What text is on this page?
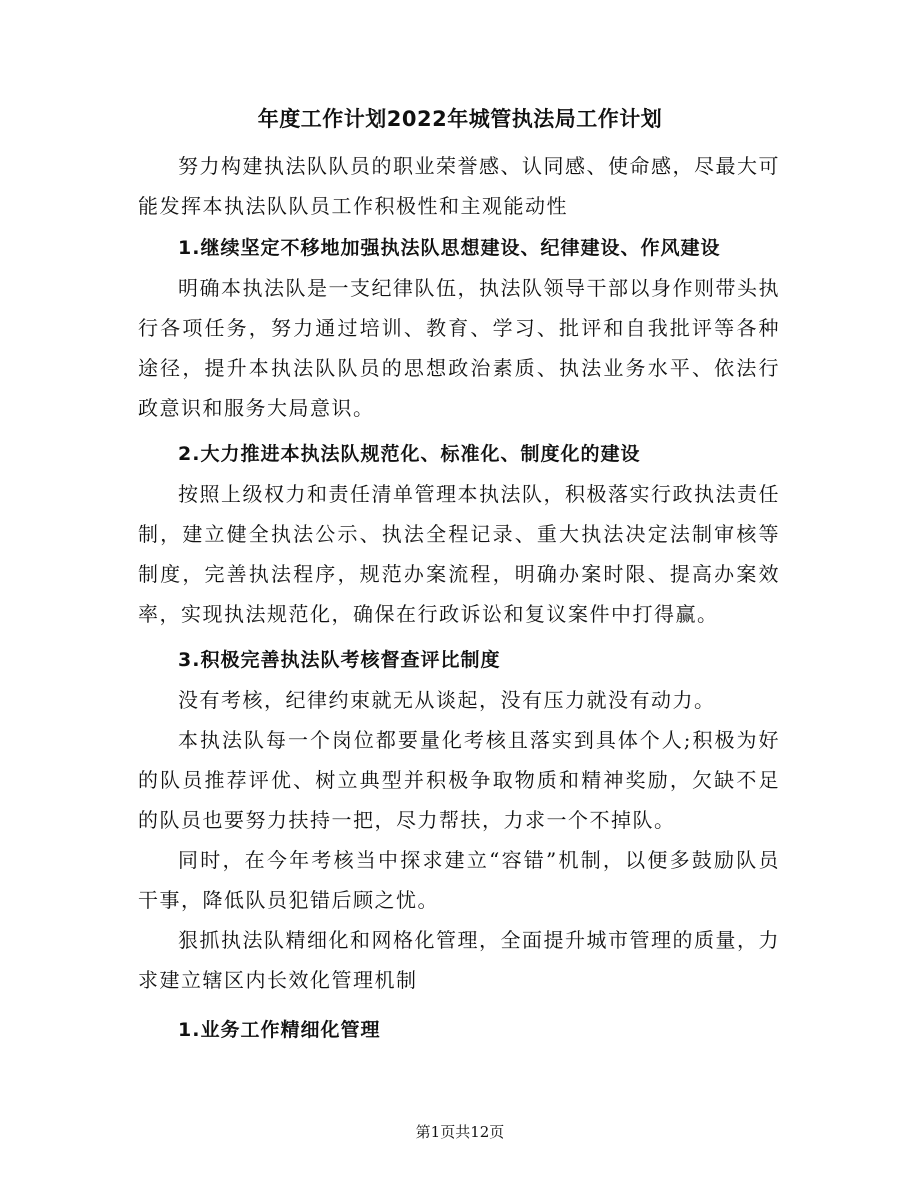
年度工作计划2022年城管执法局工作计划

努力构建执法队队员的职业荣誉感、认同感、使命感，尽最大可能发挥本执法队队员工作积极性和主观能动性

1.继续坚定不移地加强执法队思想建设、纪律建设、作风建设

明确本执法队是一支纪律队伍，执法队领导干部以身作则带头执行各项任务，努力通过培训、教育、学习、批评和自我批评等各种途径，提升本执法队队员的思想政治素质、执法业务水平、依法行政意识和服务大局意识。

2.大力推进本执法队规范化、标准化、制度化的建设

按照上级权力和责任清单管理本执法队，积极落实行政执法责任制，建立健全执法公示、执法全程记录、重大执法决定法制审核等制度，完善执法程序，规范办案流程，明确办案时限、提高办案效率，实现执法规范化，确保在行政诉讼和复议案件中打得赢。

3.积极完善执法队考核督查评比制度

没有考核，纪律约束就无从谈起，没有压力就没有动力。

本执法队每一个岗位都要量化考核且落实到具体个人;积极为好的队员推荐评优、树立典型并积极争取物质和精神奖励，欠缺不足的队员也要努力扶持一把，尽力帮扶，力求一个不掉队。

同时，在今年考核当中探求建立“容错”机制，以便多鼓励队员干事，降低队员犯错后顾之忧。

狠抓执法队精细化和网格化管理，全面提升城市管理的质量，力求建立辖区内长效化管理机制

1.业务工作精细化管理

第1页共12页
